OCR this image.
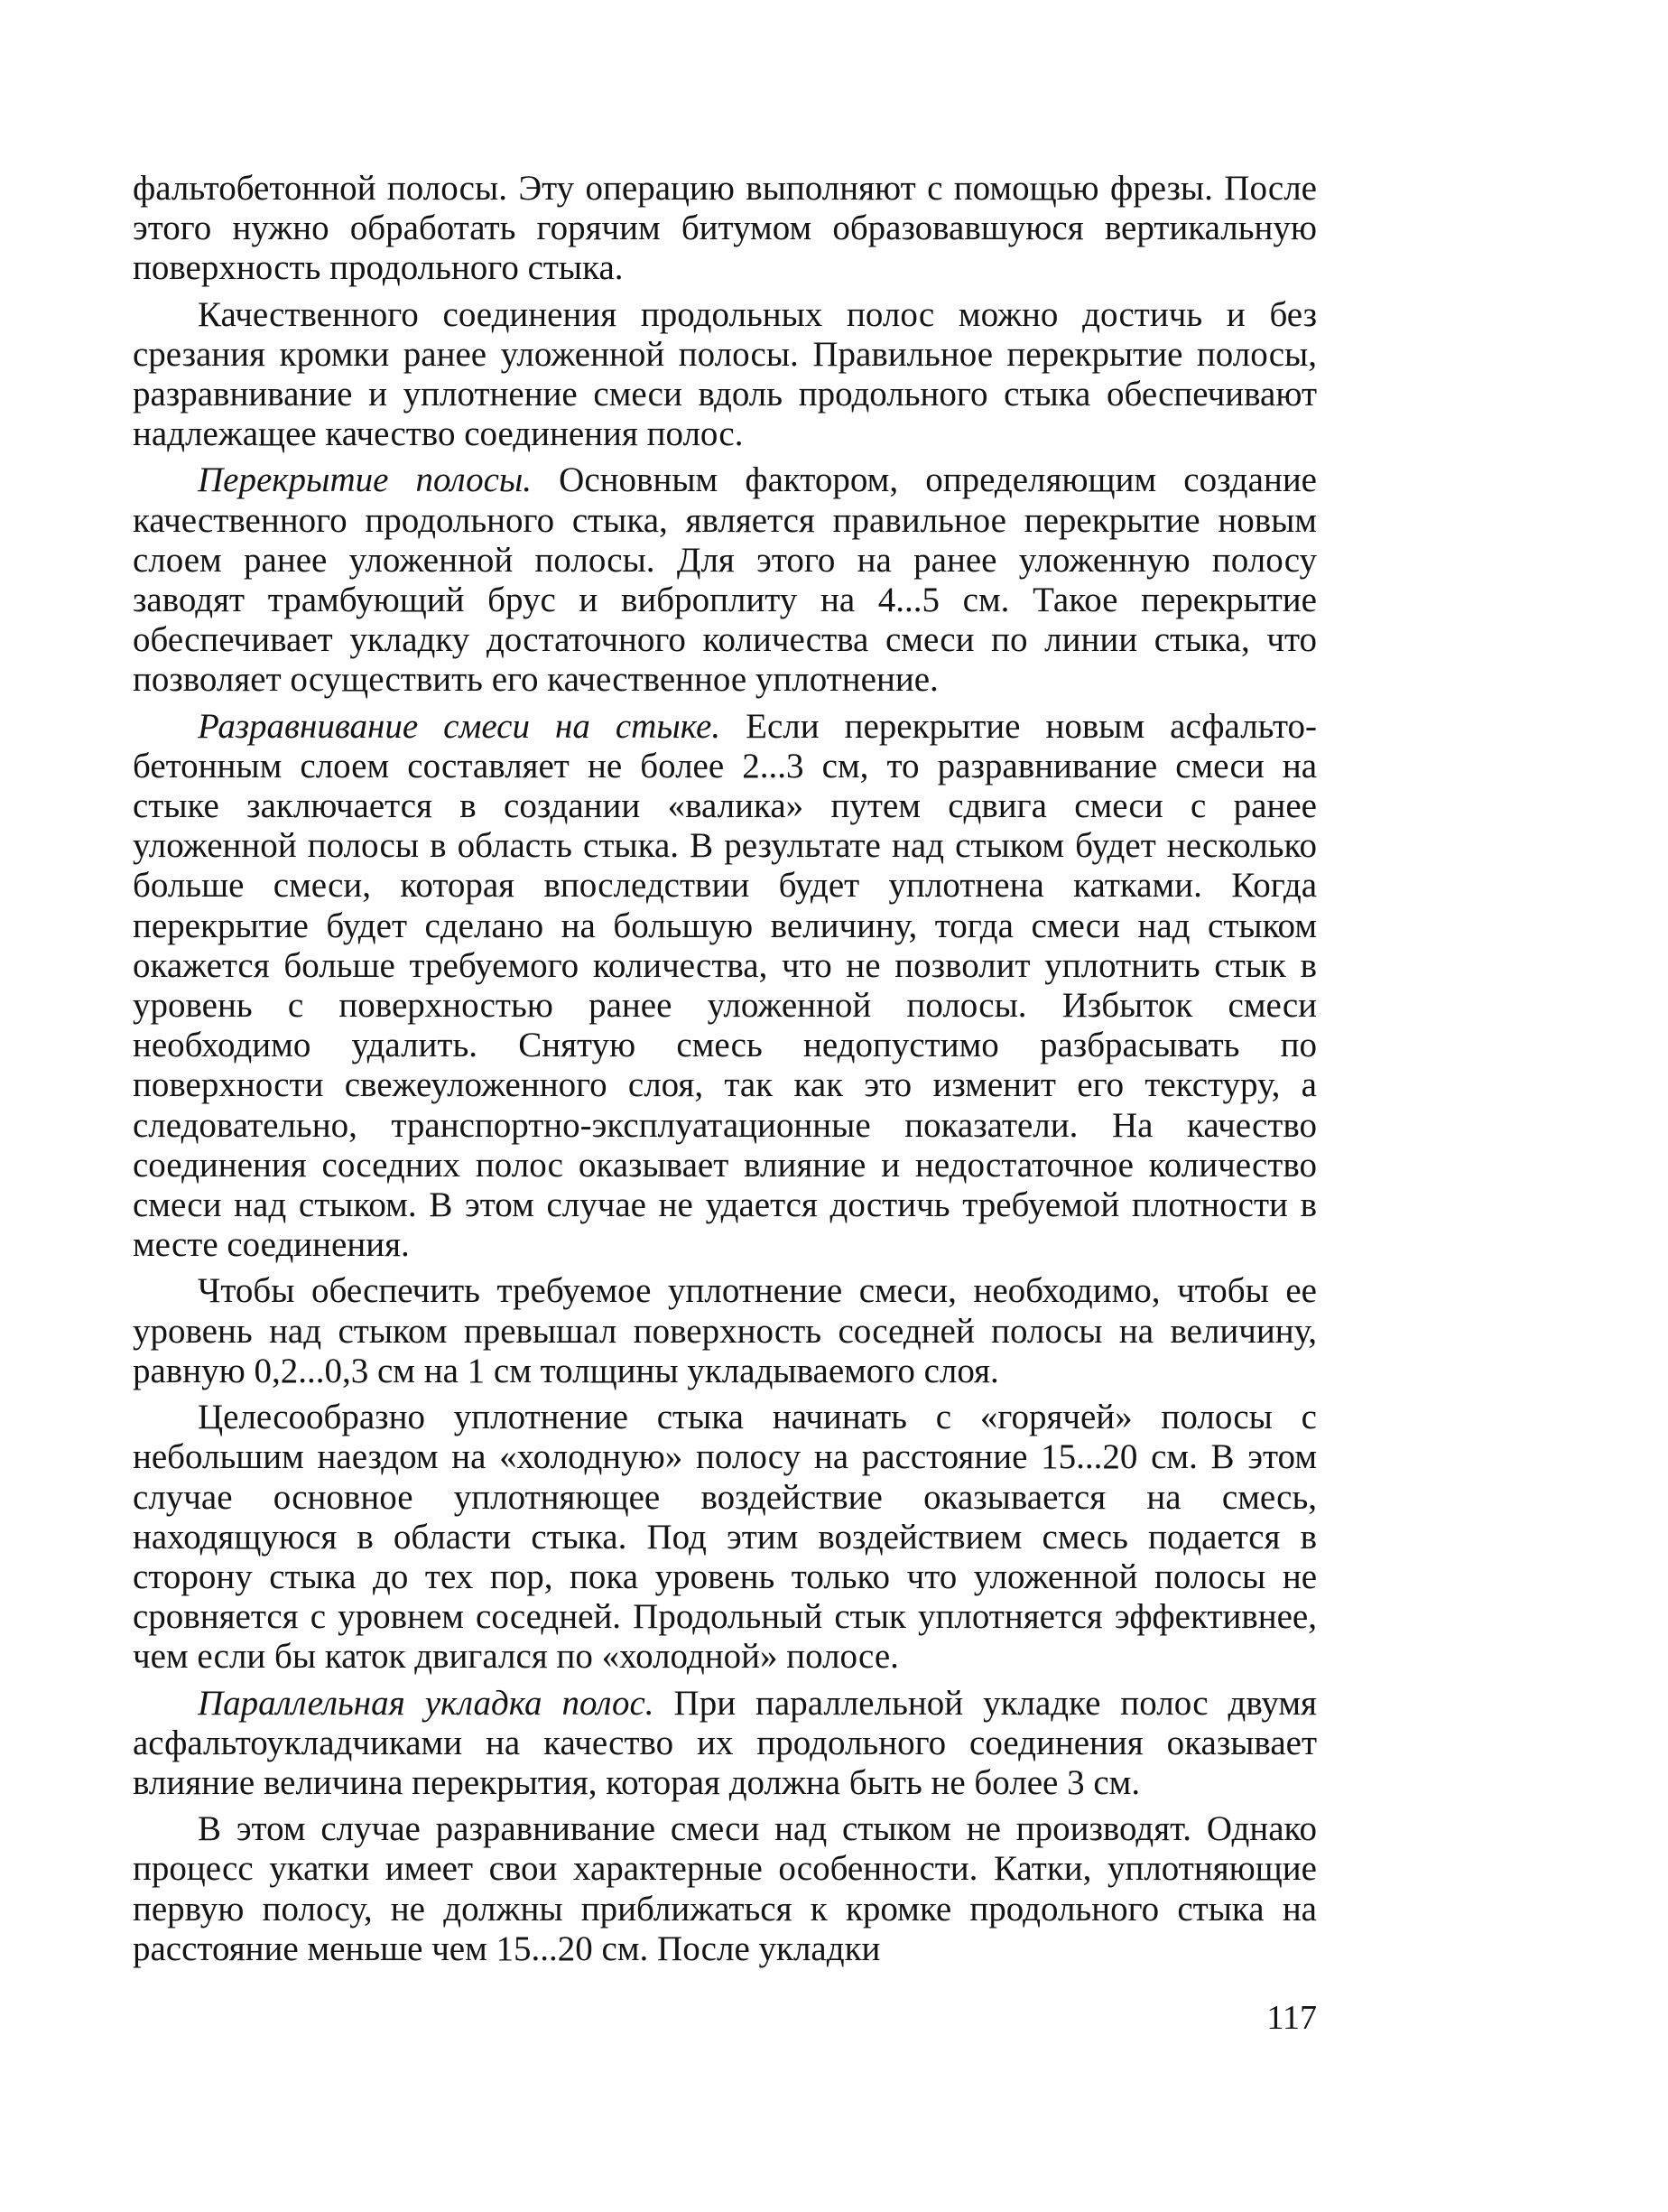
фальтобетонной полосы. Эту операцию выполняют с помощью фрезы. После этого нужно обработать горячим битумом образовавшуюся вертикальную поверхность продольного стыка.

Качественного соединения продольных полос можно достичь и без срезания кромки ранее уложенной полосы. Правильное перекрытие полосы, разравнивание и уплотнение смеси вдоль продольного стыка обеспечивают надлежащее качество соединения полос.

Перекрытие полосы. Основным фактором, определяющим создание качественного продольного стыка, является правильное перекрытие новым слоем ранее уложенной полосы. Для этого на ранее уложенную полосу заводят трамбующий брус и виброплиту на 4...5 см. Такое перекрытие обеспечивает укладку достаточного количества смеси по линии стыка, что позволяет осуществить его качественное уплотнение.

Разравнивание смеси на стыке. Если перекрытие новым асфальтобетонным слоем составляет не более 2...3 см, то разравнивание смеси на стыке заключается в создании «валика» путем сдвига смеси с ранее уложенной полосы в область стыка. В результате над стыком будет несколько больше смеси, которая впоследствии будет уплотнена катками. Когда перекрытие будет сделано на большую величину, тогда смеси над стыком окажется больше требуемого количества, что не позволит уплотнить стык в уровень с поверхностью ранее уложенной полосы. Избыток смеси необходимо удалить. Снятую смесь недопустимо разбрасывать по поверхности свежеуложенного слоя, так как это изменит его текстуру, а следовательно, транспортно-эксплуатационные показатели. На качество соединения соседних полос оказывает влияние и недостаточное количество смеси над стыком. В этом случае не удается достичь требуемой плотности в месте соединения.

Чтобы обеспечить требуемое уплотнение смеси, необходимо, чтобы ее уровень над стыком превышал поверхность соседней полосы на величину, равную 0,2...0,3 см на 1 см толщины укладываемого слоя.

Целесообразно уплотнение стыка начинать с «горячей» полосы с небольшим наездом на «холодную» полосу на расстояние 15...20 см. В этом случае основное уплотняющее воздействие оказывается на смесь, находящуюся в области стыка. Под этим воздействием смесь подается в сторону стыка до тех пор, пока уровень только что уложенной полосы не сровняется с уровнем соседней. Продольный стык уплотняется эффективнее, чем если бы каток двигался по «холодной» полосе.

Параллельная укладка полос. При параллельной укладке полос двумя асфальтоукладчиками на качество их продольного соединения оказывает влияние величина перекрытия, которая должна быть не более 3 см.

В этом случае разравнивание смеси над стыком не производят. Однако процесс укатки имеет свои характерные особенности. Катки, уплотняющие первую полосу, не должны приближаться к кромке продольного стыка на расстояние меньше чем 15...20 см. После укладки

117
